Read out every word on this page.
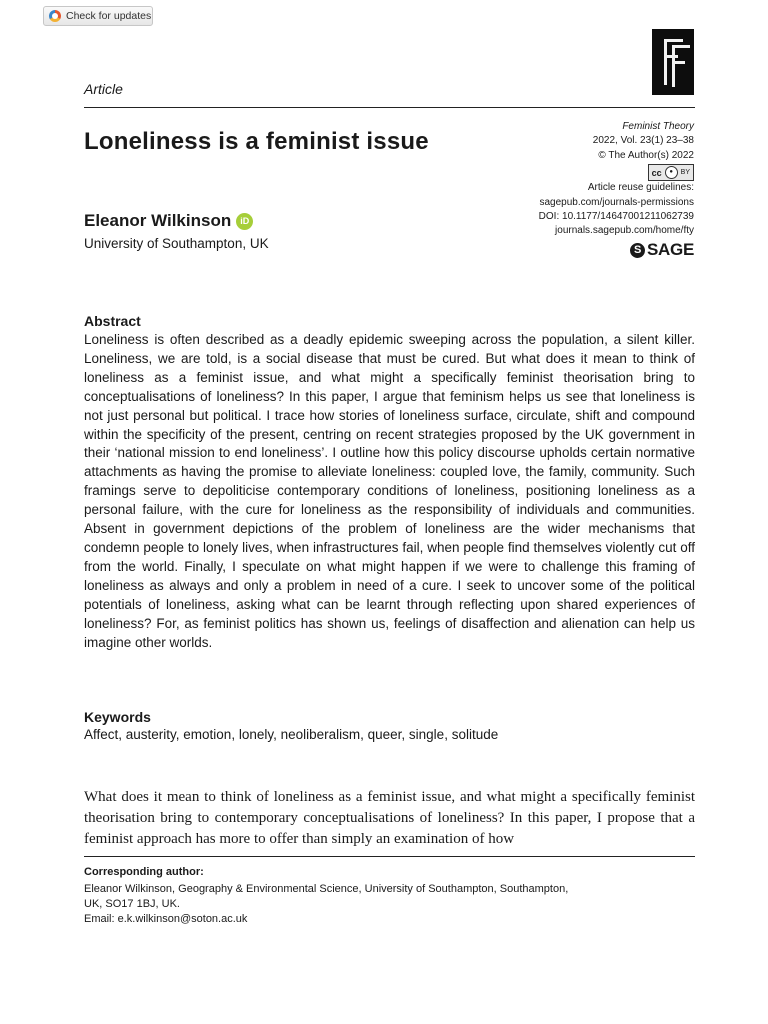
Check for updates
Article
Loneliness is a feminist issue
Eleanor Wilkinson	iD
University of Southampton, UK
Feminist Theory
2022, Vol. 23(1) 23–38
© The Author(s) 2022
cc	●	BY
Article reuse guidelines:
sagepub.com/journals-permissions
DOI: 10.1177/14647001211062739
journals.sagepub.com/home/fty
S SAGE
Abstract
Loneliness is often described as a deadly epidemic sweeping across the population, a silent killer. Loneliness, we are told, is a social disease that must be cured. But what does it mean to think of loneliness as a feminist issue, and what might a specifically feminist theorisation bring to conceptualisations of loneliness? In this paper, I argue that feminism helps us see that loneliness is not just personal but political. I trace how stories of loneliness surface, circulate, shift and compound within the specificity of the present, centring on recent strategies proposed by the UK government in their ‘national mission to end loneliness’. I outline how this policy discourse upholds certain normative attachments as having the promise to alleviate loneliness: coupled love, the family, community. Such framings serve to depoliticise contemporary conditions of loneliness, positioning loneliness as a personal failure, with the cure for loneliness as the responsibility of individuals and communities. Absent in government depictions of the problem of loneliness are the wider mechanisms that condemn people to lonely lives, when infrastructures fail, when people find themselves violently cut off from the world. Finally, I speculate on what might happen if we were to challenge this framing of loneliness as always and only a problem in need of a cure. I seek to uncover some of the political potentials of loneliness, asking what can be learnt through reflecting upon shared experiences of loneliness? For, as feminist politics has shown us, feelings of disaffection and alienation can help us imagine other worlds.
Keywords
Affect, austerity, emotion, lonely, neoliberalism, queer, single, solitude
What does it mean to think of loneliness as a feminist issue, and what might a specifically feminist theorisation bring to contemporary conceptualisations of loneliness? In this paper, I propose that a feminist approach has more to offer than simply an examination of how
Corresponding author:
Eleanor Wilkinson, Geography & Environmental Science, University of Southampton, Southampton,
UK, SO17 1BJ, UK.
Email: e.k.wilkinson@soton.ac.uk
